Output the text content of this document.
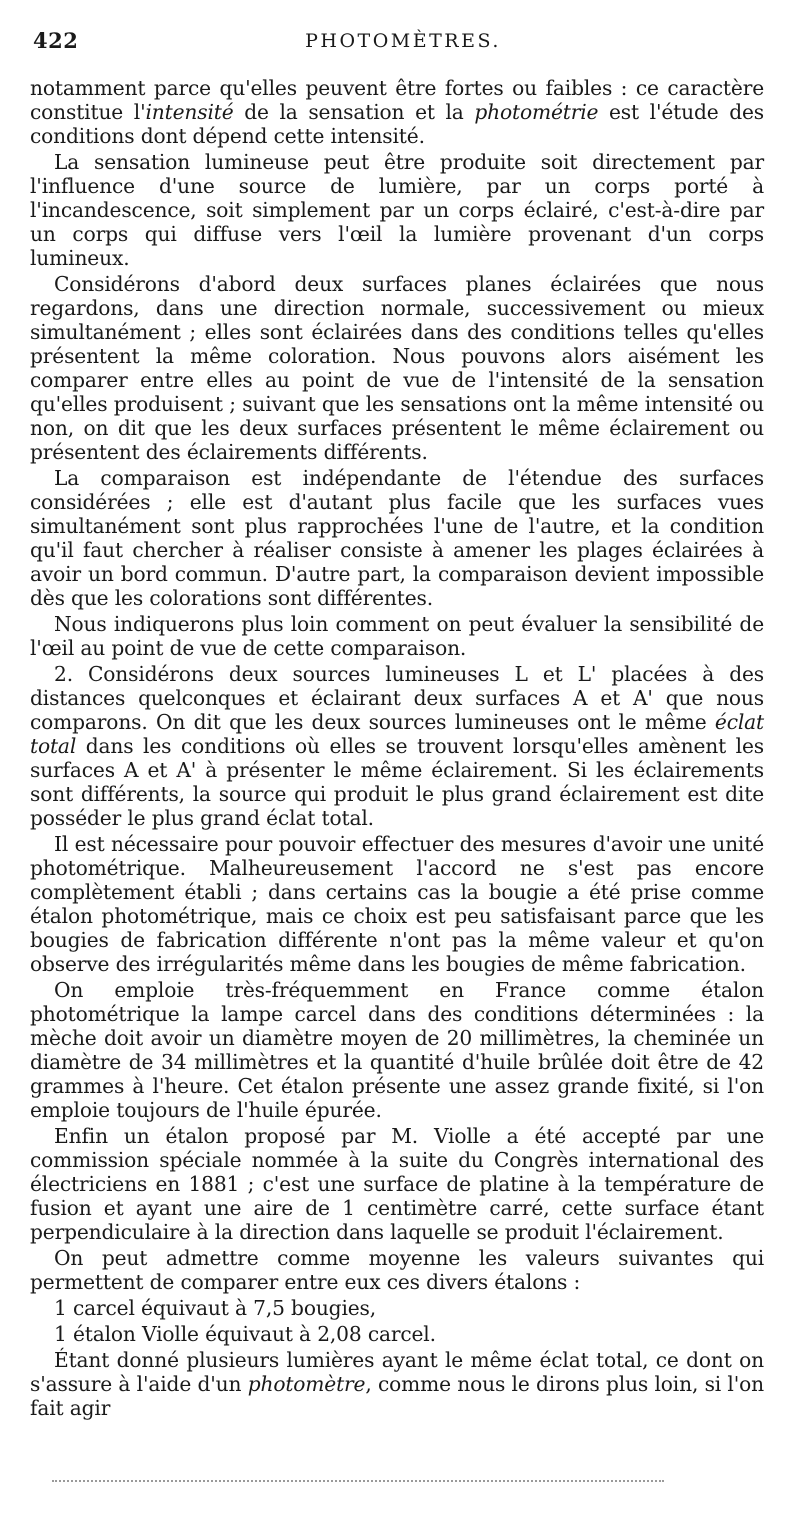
422	PHOTOMÈTRES.

notamment parce qu'elles peuvent être fortes ou faibles : ce caractère constitue l'intensité de la sensation et la photométrie est l'étude des conditions dont dépend cette intensité.

La sensation lumineuse peut être produite soit directement par l'influence d'une source de lumière, par un corps porté à l'incandescence, soit simplement par un corps éclairé, c'est-à-dire par un corps qui diffuse vers l'œil la lumière provenant d'un corps lumineux.

Considérons d'abord deux surfaces planes éclairées que nous regardons, dans une direction normale, successivement ou mieux simultanément ; elles sont éclairées dans des conditions telles qu'elles présentent la même coloration. Nous pouvons alors aisément les comparer entre elles au point de vue de l'intensité de la sensation qu'elles produisent ; suivant que les sensations ont la même intensité ou non, on dit que les deux surfaces présentent le même éclairement ou présentent des éclairements différents.

La comparaison est indépendante de l'étendue des surfaces considérées ; elle est d'autant plus facile que les surfaces vues simultanément sont plus rapprochées l'une de l'autre, et la condition qu'il faut chercher à réaliser consiste à amener les plages éclairées à avoir un bord commun. D'autre part, la comparaison devient impossible dès que les colorations sont différentes.

Nous indiquerons plus loin comment on peut évaluer la sensibilité de l'œil au point de vue de cette comparaison.

2. Considérons deux sources lumineuses L et L' placées à des distances quelconques et éclairant deux surfaces A et A' que nous comparons. On dit que les deux sources lumineuses ont le même éclat total dans les conditions où elles se trouvent lorsqu'elles amènent les surfaces A et A' à présenter le même éclairement. Si les éclairements sont différents, la source qui produit le plus grand éclairement est dite posséder le plus grand éclat total.

Il est nécessaire pour pouvoir effectuer des mesures d'avoir une unité photométrique. Malheureusement l'accord ne s'est pas encore complètement établi ; dans certains cas la bougie a été prise comme étalon photométrique, mais ce choix est peu satisfaisant parce que les bougies de fabrication différente n'ont pas la même valeur et qu'on observe des irrégularités même dans les bougies de même fabrication.

On emploie très-fréquemment en France comme étalon photométrique la lampe carcel dans des conditions déterminées : la mèche doit avoir un diamètre moyen de 20 millimètres, la cheminée un diamètre de 34 millimètres et la quantité d'huile brûlée doit être de 42 grammes à l'heure. Cet étalon présente une assez grande fixité, si l'on emploie toujours de l'huile épurée.

Enfin un étalon proposé par M. Violle a été accepté par une commission spéciale nommée à la suite du Congrès international des électriciens en 1881 ; c'est une surface de platine à la température de fusion et ayant une aire de 1 centimètre carré, cette surface étant perpendiculaire à la direction dans laquelle se produit l'éclairement.

On peut admettre comme moyenne les valeurs suivantes qui permettent de comparer entre eux ces divers étalons :

1 carcel équivaut à 7,5 bougies,

1 étalon Violle équivaut à 2,08 carcel.

Étant donné plusieurs lumières ayant le même éclat total, ce dont on s'assure à l'aide d'un photomètre, comme nous le dirons plus loin, si l'on fait agir
